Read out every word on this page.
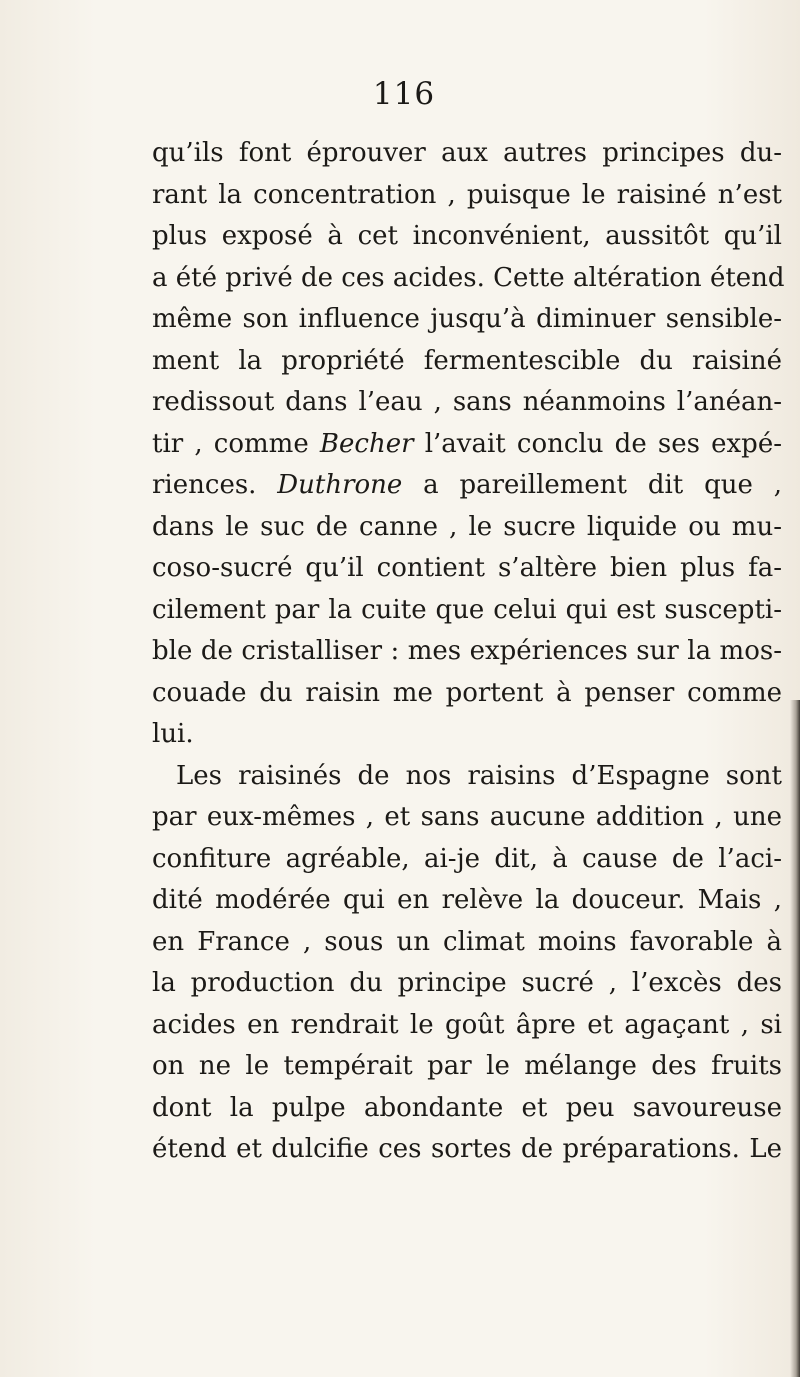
116
qu’ils font éprouver aux autres principes du-
rant la concentration , puisque le raisiné n’est
plus exposé à cet inconvénient, aussitôt qu’il
a été privé de ces acides. Cette altération étend
même son influence jusqu’à diminuer sensible-
ment la propriété fermentescible du raisiné
redissout dans l’eau , sans néanmoins l’anéan-
tir , comme Becher l’avait conclu de ses expé-
riences. Duthrone a pareillement dit que ,
dans le suc de canne , le sucre liquide ou mu-
coso-sucré qu’il contient s’altère bien plus fa-
cilement par la cuite que celui qui est suscepti-
ble de cristalliser : mes expériences sur la mos-
couade du raisin me portent à penser comme
lui.
Les raisinés de nos raisins d’Espagne sont
par eux-mêmes , et sans aucune addition , une
confiture agréable, ai-je dit, à cause de l’aci-
dité modérée qui en relève la douceur. Mais ,
en France , sous un climat moins favorable à
la production du principe sucré , l’excès des
acides en rendrait le goût âpre et agaçant , si
on ne le tempérait par le mélange des fruits
dont la pulpe abondante et peu savoureuse
étend et dulcifie ces sortes de préparations. Le
